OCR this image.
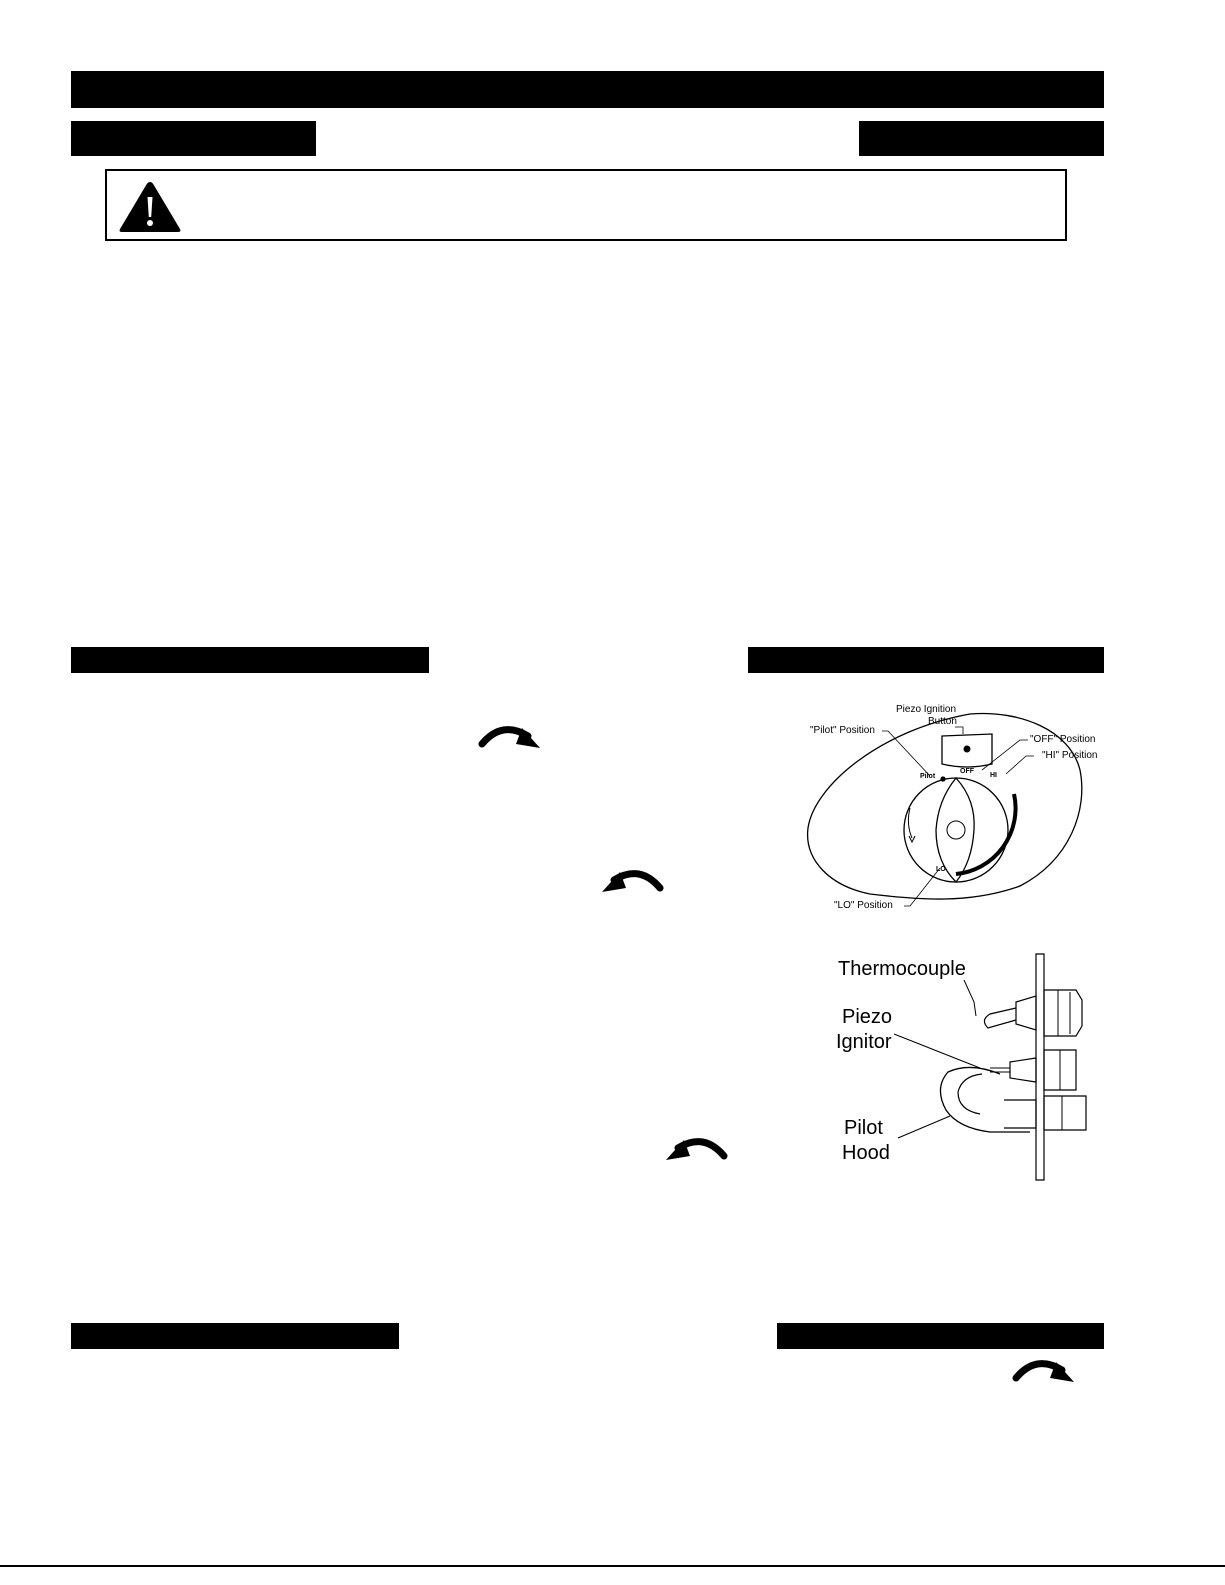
Pilot
OFF
HI
LO
Piezo Ignition
Button
"Pilot" Position
"OFF" Position
"HI" Position
"LO" Position
Thermocouple
Piezo
Ignitor
Pilot
Hood
